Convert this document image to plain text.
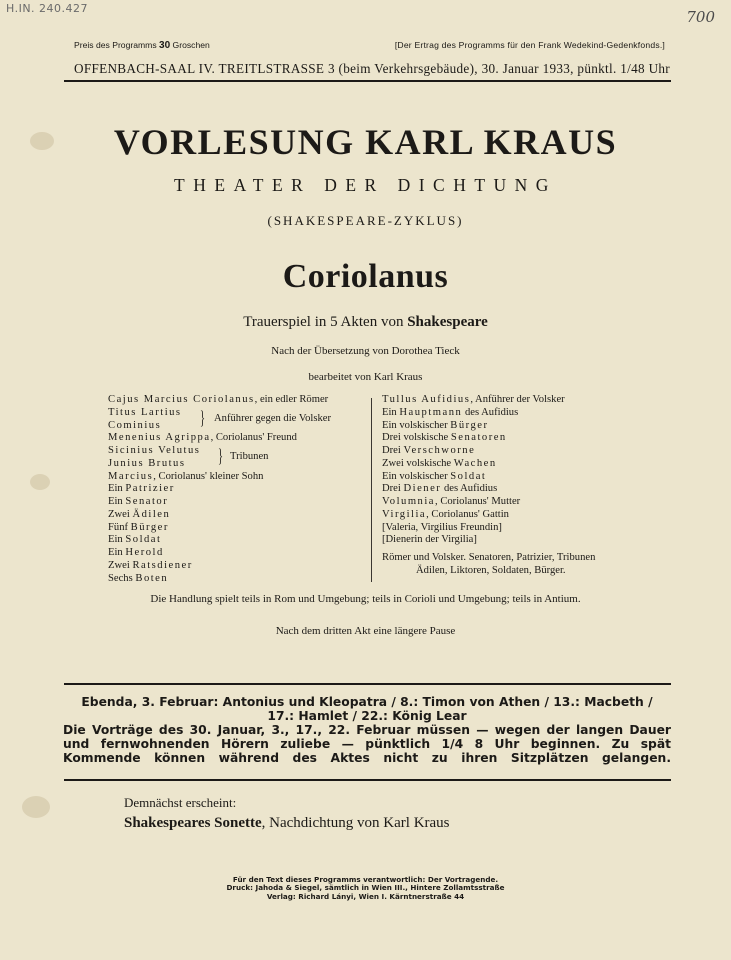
H.IN. 240.427	700
Preis des Programms 30 Groschen	[Der Ertrag des Programms für den Frank Wedekind-Gedenkfonds.]
OFFENBACH-SAAL IV. TREITLSTRASSE 3 (beim Verkehrsgebäude), 30. Januar 1933, pünktl. 1/48 Uhr
VORLESUNG KARL KRAUS
THEATER DER DICHTUNG
(SHAKESPEARE-ZYKLUS)
Coriolanus
Trauerspiel in 5 Akten von Shakespeare
Nach der Übersetzung von Dorothea Tieck
bearbeitet von Karl Kraus
Cajus Marcius Coriolanus, ein edler Römer
Titus Lartius
Cominius	} Anführer gegen die Volsker
Menenius Agrippa, Coriolanus' Freund
Sicinius Velutus
Junius Brutus	} Tribunen
Marcius, Coriolanus' kleiner Sohn
Ein Patrizier
Ein Senator
Zwei Ädilen
Fünf Bürger
Ein Soldat
Ein Herold
Zwei Ratsdiener
Sechs Boten
Tullus Aufidius, Anführer der Volsker
Ein Hauptmann des Aufidius
Ein volskischer Bürger
Drei volskische Senatoren
Drei Verschworne
Zwei volskische Wachen
Ein volskischer Soldat
Drei Diener des Aufidius
Volumnia, Coriolanus' Mutter
Virgilia, Coriolanus' Gattin
[Valeria, Virgilius Freundin]
[Dienerin der Virgilia]
Römer und Volsker. Senatoren, Patrizier, Tribunen
Ädilen, Liktoren, Soldaten, Bürger.
Die Handlung spielt teils in Rom und Umgebung; teils in Corioli und Umgebung; teils in Antium.
Nach dem dritten Akt eine längere Pause
Ebenda, 3. Februar: Antonius und Kleopatra / 8.: Timon von Athen / 13.: Macbeth /
17.: Hamlet / 22.: König Lear
Die Vorträge des 30. Januar, 3., 17., 22. Februar müssen — wegen der langen Dauer und fernwohnenden Hörern zuliebe — pünktlich 1/4 8 Uhr beginnen. Zu spät Kommende können während des Aktes nicht zu ihren Sitzplätzen gelangen.
Demnächst erscheint:
Shakespeares Sonette, Nachdichtung von Karl Kraus
Für den Text dieses Programms verantwortlich: Der Vortragende.
Druck: Jahoda & Siegel, sämtlich in Wien III., Hintere Zollamtsstraße
Verlag: Richard Lányi, Wien I. Kärntnerstraße 44
